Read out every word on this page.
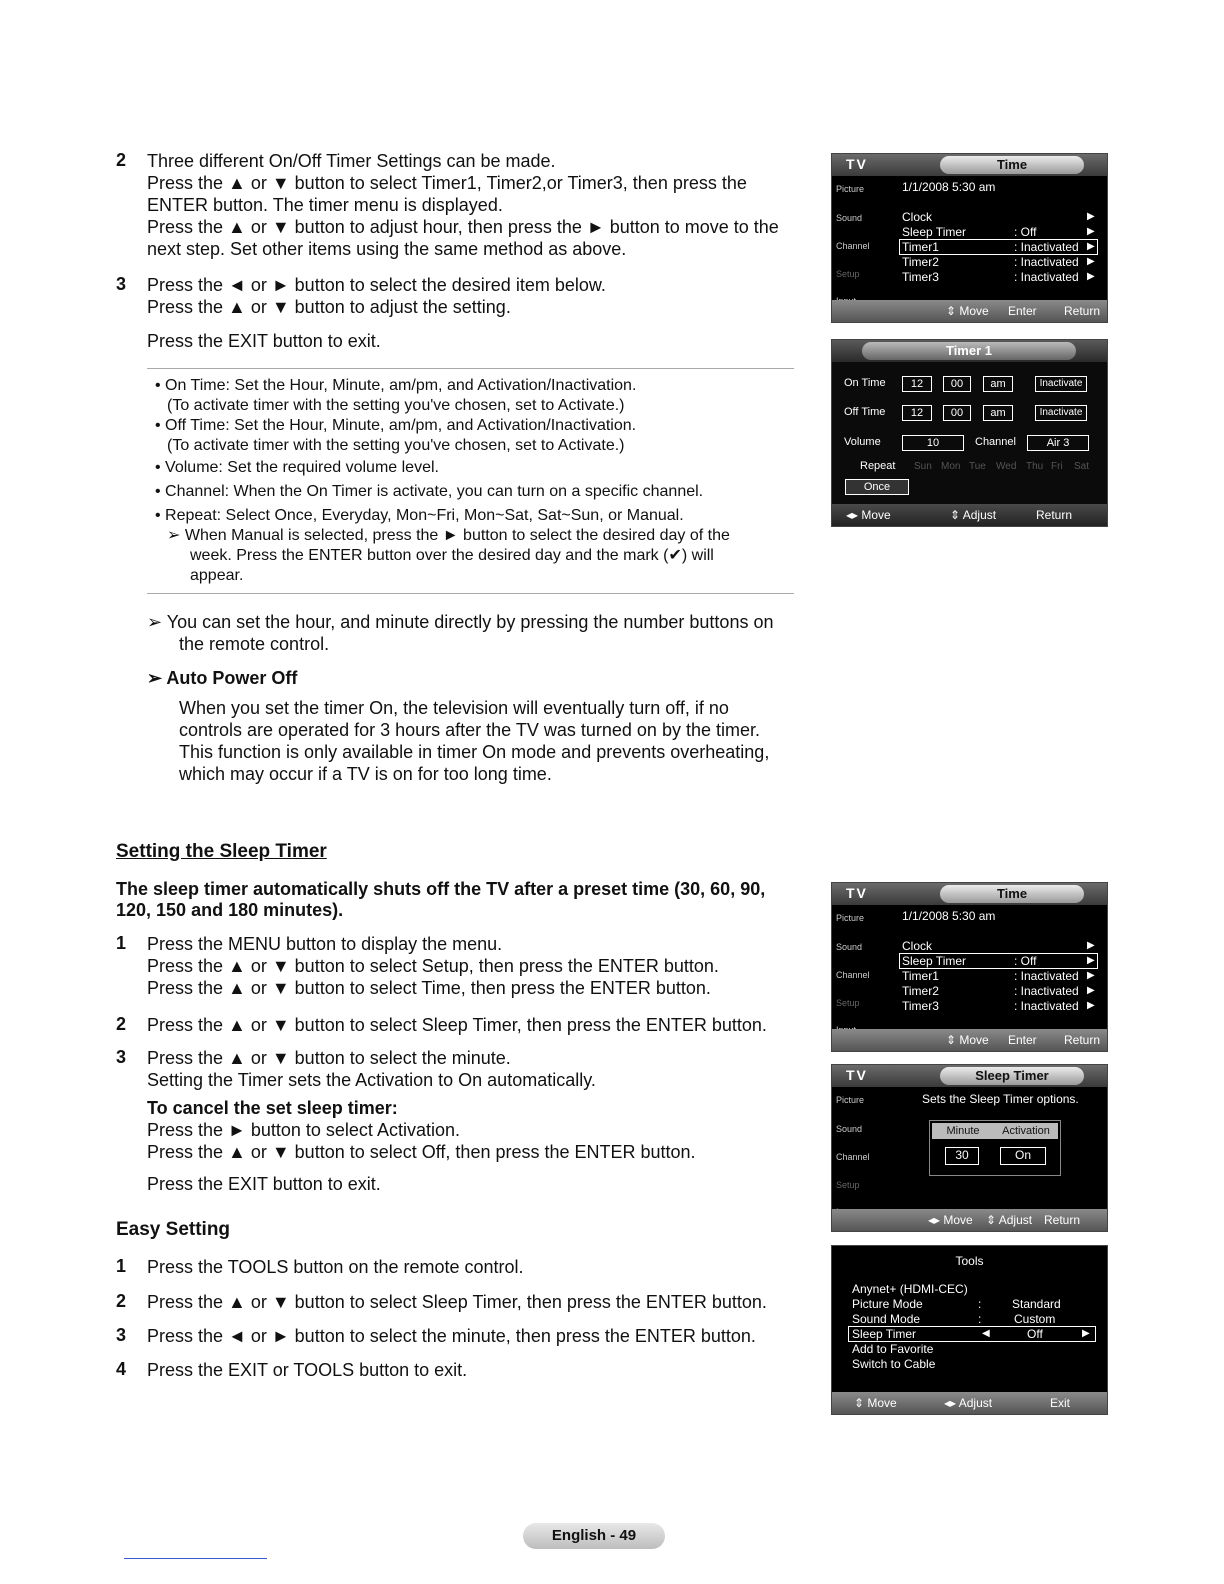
2	Three different On/Off Timer Settings can be made.
Press the ▲ or ▼ button to select Timer1, Timer2,or Timer3, then press the
ENTER button. The timer menu is displayed.
Press the ▲ or ▼ button to adjust hour, then press the ► button to move to the
next step. Set other items using the same method as above.
3	Press the ◄ or ► button to select the desired item below.
Press the ▲ or ▼ button to adjust the setting.
Press the EXIT button to exit.
• On Time: Set the Hour, Minute, am/pm, and Activation/Inactivation.
(To activate timer with the setting you've chosen, set to Activate.)
• Off Time: Set the Hour, Minute, am/pm, and Activation/Inactivation.
(To activate timer with the setting you've chosen, set to Activate.)
• Volume: Set the required volume level.
• Channel: When the On Timer is activate, you can turn on a specific channel.
• Repeat: Select Once, Everyday, Mon~Fri, Mon~Sat, Sat~Sun, or Manual.
➢ When Manual is selected, press the ► button to select the desired day of the
week. Press the ENTER button over the desired day and the mark (✔) will
appear.
➢ You can set the hour, and minute directly by pressing the number buttons on
the remote control.
➢ Auto Power Off
When you set the timer On, the television will eventually turn off, if no
controls are operated for 3 hours after the TV was turned on by the timer.
This function is only available in timer On mode and prevents overheating,
which may occur if a TV is on for too long time.
Setting the Sleep Timer
The sleep timer automatically shuts off the TV after a preset time (30, 60, 90,
120, 150 and 180 minutes).
1	Press the MENU button to display the menu.
Press the ▲ or ▼ button to select Setup, then press the ENTER button.
Press the ▲ or ▼ button to select Time, then press the ENTER button.
2	Press the ▲ or ▼ button to select Sleep Timer, then press the ENTER button.
3	Press the ▲ or ▼ button to select the minute.
Setting the Timer sets the Activation to On automatically.
To cancel the set sleep timer:
Press the ► button to select Activation.
Press the ▲ or ▼ button to select Off, then press the ENTER button.
Press the EXIT button to exit.
Easy Setting
1	Press the TOOLS button on the remote control.
2	Press the ▲ or ▼ button to select Sleep Timer, then press the ENTER button.
3	Press the ◄ or ► button to select the minute, then press the ENTER button.
4	Press the EXIT or TOOLS button to exit.
TV	Time
Picture
Sound
Channel
Setup
1/1/2008 5:30 am
Clock	▶
Sleep Timer	: Off	▶
Timer1	: Inactivated ▶
Timer2	: Inactivated ▶
Timer3	: Inactivated ▶
⇕ Move Enter Return
Timer 1
On Time	12	00	am	Inactivate
Off Time	12	00	am	Inactivate
Volume	10	Channel	Air 3
Repeat
Once
Sun Mon Tue Wed Thu Fri Sat
◂▸ Move	⇕ Adjust	Return
TV	Time
Picture
Sound
Channel
Setup
1/1/2008 5:30 am
Clock	▶
Sleep Timer	: Off	▶
Timer1	: Inactivated ▶
Timer2	: Inactivated ▶
Timer3	: Inactivated ▶
⇕ Move Enter Return
TV	Sleep Timer
Picture
Sound
Channel
Setup
Sets the Sleep Timer options.
Minute	Activation
30	On
◂▸ Move ⇕ Adjust Return
Tools
Anynet+ (HDMI-CEC)
Picture Mode	:	Standard
Sound Mode	:	Custom
Sleep Timer	◀	Off	▶
Add to Favorite
Switch to Cable
⇕ Move	◂▸ Adjust	Exit
English - 49
